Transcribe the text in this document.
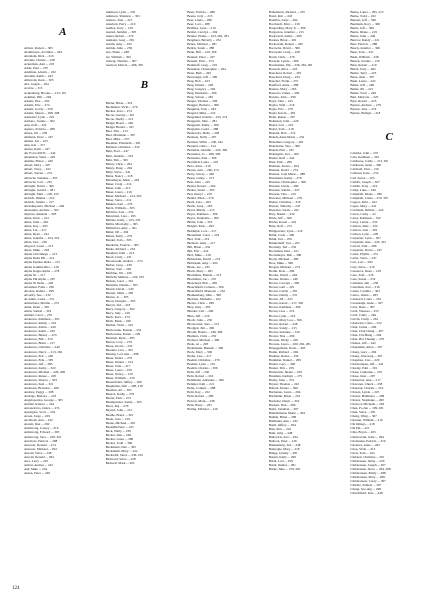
A
Abbott, Robert ... 305
Abdulnoure, Al Omar ... 294
Abraham, Dick ... 219
Abrams, Chrisie ... 228
Ackerman, Ann ... 218
Adair, Paul ... 270
Adelman, Abram ... 222
Abrahm, Keith ... 243
Ahlstrom, Kent ... 305
Abt, Joseph ... 294
Acevie ... 313
Achtenberg, Brooke ... 213, 301
Ackman, Phil ... 294
Adams, Dee ... 262
Adams, Eric ... 274
Adams, Gordy ... 259
Adams, Maren ... 298, 308
Adendorf, Lynn ... 222
Adriano, Joanne ... 302
Adu, Kofi ... 322
Aguero, Patricia ... 288
Ahern, Jill ... 258
Ahmann, Dave ... 247
Ahmet, Ali ... 225
Ahn, Kai ... 317
Aimes, Kelli ... 227
Air Force ROTC ... 244
Akamatsu, Shari ... 229
Akiima, Elinor ... 240
Albert, Mary ... 297
Albert, Tracy ... 222
Albert, Steven ... 231
Albrecht, Suzanne ... 305
Albrecht, Carl ... 235
Albright, David ... 305
Albright, Gerald ... 281
Albright, Matt ... 220, 223
Aldrich, Omena ... 210
Aldrich, Sandra ... 217
Alexakupoulo, Michael ... 294
Alexander, Andrew ... 305
Alglove, Amanda ... 303
Allen, Dave ... 241
Allen, Julie ... 281
Allen, Kay ... 295
Allen, Liz ... 217
Allen, Ryan ... 222
Allen, Jennifer ... 254, 319
Allen, Ted ... 236
Allgood, Laura ... 213
Alper, Mike ... 294
Alpha Chi Omega ... 213
Alpha Delta Phi ... 214
Alpha Epsilon Delta ... 215
Alpha Gamma Rho ... 216
Alpha Kappa Alpha ... 278
Alpha Xi ... 217
Alpha Phi Alpha ... 267
Alpha Xi Delta ... 226
Alsaiman, Fahd ... 236
Alvarez, Rafael ... 299
Alvarify, Sue ... 232
Al-Amin, Laura ... 251
Amberland, Martha ... 231
Amel, Dean ... 305
Amin, Samad ... 319
Ammel, Carol ... 279
Anderson, Kathleen ... 305
Anderson, Randy ... 216
Anderson, Kabin ... 249
Anderson, Keith ... 226
Anderson, Betsey ... 223
Anderson, Bill ... 319
Anderson, Brent ... 217
Anderson, Christine ... 240
Anderson, Darcy ... 213, 262
Anderson, Eric ... 240
Anderson, Erik ... 305
Anderson, Jeff ... 285
Anderson, Kathy ... 322
Anderson, Michael ... 226, 268
Anderson, Renee ... 228
Anderson, Sharon ... 303
Anderson, Suzi ... 321
Andersen, Brandon ... 268
Andrew, Peggy ... 308
Andrigo, Barbara ... 223
Angelopoulos, George ... 305
Animal Science ... 244
Antonelcevs, Janice ... 274
Applegate, Scott ... 234
Arauz, Jorge ... 229
Archbold, Ann ... 232
Arendt, Dan ... 294
Armstrong, Cassey ... 219
Armstrong, Edward ... 305
Armstrong, Sara ... 228, 301
Arnabolo, Patricia ... 288
Arneson, Donald ... 274
Arneson, Michael ... 294
Arnold, Steve ... 228
Arnold, Donald ... 294
Arra, Larry ... 225
Arthur, Andrea ... 222
Ash, Mike ... 234
Ausen, Peter ... 249
Atkinson, Lynn ... 232
Atkinson, Shannon ... 301
Atmore, Toni ... 213
Atterholt, Perry ... 219
Audley, Terry ... 219
Austad, Jennifer ... 305
Auner, Robert ... 279
Aumann, Greg ... 281
Austin, Amy ... 193
Avidah, Julie ... 259
Ave, Brian ... 268
Ax, William ... 302
Axberg, Thomas ... 307
Axelrod, Marcia ... 296, 305

B

Babler, Brian ... 319
Bachmann, Vicki ... 279
Backes, Kari ... 274
Bacon, George ... 301
Bacon, Shelly ... 213
Badger Board ... 246
Badger Herald ... 247
Baer, Tim ... 213
Baer, Marianne ... 307
Baer, Mike ... 237
Baeumer, Elizabeth ... 281
Bahman, Christine ... 319
Bahr, Fred ... 247
Bahr, Jennifer ... 219
Bahr, Tim ... 305
Bailey, Chris ... 294
Bailey, Doug ... 294
Baily, Steve ... 241
Bains, Nancy ... 218
Bainsmeyer, Mark ... 263
Baker, Craig ... 214
Baker, John ... 213
Baker, Laura ... 219
Baker, Michael ... 214, 305
Baker, Steve ... 212
Bakken, Kari ... 279
Balch, William ... 305
Baldwin, Sara ... 254
Balestrieri, Lisa ... 295
Balistie, Kelly ... 223, 233
Ballin, Mia Kelly ... 305
Ballistrieri, Amy ... 301
Baller, Jill ... 294
Balzer, Kelly ... 279
Bandel, Tom ... 305
Banderitz, Francis ... 305
Banks, Richard ... 254
Bangbier, Kim ... 213
Barab, Curly ... 231
Baranowski, Andrew ... 274
Barber, Greg ... 239
Barber, Tom ... 226
Barthine, Jill ... 226
Barfield, Melissa ... 229, 233
Barkan, Carol ... 301
Barmann, Dennis ... 305
Barndt, David ... 240
Barnett, Mark ... 283
Barnes, Jo ... 305
Baron, Douglas ... 305
Barrett, Ted ... 218
Barry, Gregory ... 302
Barry, Judy ... 219
Barth, Kurt ... 274
Barth, Mark ... 226
Barthel, Vicki ... 222
Bartkowiak, Bonnie ... 232
Bartkowske, Karen ... 229
Bartman, Ryan ... 305
Barton, Cory ... 279
Basse, Gloria ... 232
Bassette, Lisa ... 305
Basting, Lori Ann ... 288
Bauer, Debra ... 279
Bauer, Daniel ... 214
Bauer, Julie ... 217
Bauer, Laura ... 259
Bauer, Nancy ... 219
Bauer, William ... 279
Bauernfeind, Jeffrey ... 269
Baughman, Deb ... 208, 218
Bauman, Art ... 305
Bausch, Kathy ... 279
Baxter, Pam ... 274
Baumgartner, Sandy ... 305
Bawa, Raj ... 279
Bayard, John ... 212
Beadle, Bruce ... 301
Beale, Joan ... 219
Beane, Michael ... 281
BeaudDeVaux ... 225
Beck, Wally ... 230
Becker, Dan ... 246
Becker, Laura ... 286
Becker, Todd ... 306
Beckmann, Deb ... 305
Becksmith, Mary ... 222
Beckwith, Steve ... 236, 252
Bedward, Steve ... 228
Bedwell, Mark ... 265
Been, Patricia ... 288
Beene, Jody ... 213
Beer, Linda ... 288
Beer, Lori ... 288
Beilfuss, Lynn ... 219
Beittel, Carolyn ... 294
Bender, Elaine ... 223, 262, 281
Benghera, Beverly ... 232
Benes, Michael ... 281
Bellck, Sarah ... 288
Benn, Bill ... 219, 306
Bennett, Peter ... 247
Bensail, Paul ... 274
Bennhoff, Greg ... 219
Bensman, Christopher ... 294
Benz, Beth ... 263
Berwanger, Jeff ... 306
Berg, Bob ... 223
Berg, Daniel ... 228
Berg, Gregory ... 294
Berg, Hermann ... 306
Berg, Steven ... 281
Berger, Thomas ... 306
Bergger, Barbara ... 306
Bergman, Tom ... 263
Bergold, Mike ... 222
Bergslund, Kristin ... 233, 274
Bergquist, Julie ... 281
Bergquist, Kathy ... 306
Bergstein, Laura ... 288
Berkowitz, Holly ... 228
Berkson, Kelly ... 297
Berman, Wilbe ... 230, 242
Bernard, Chris ... 214
Bernabei, Jennifer ... 220, 306
Bernasles, Jo ... 288, 306
Bernstein, Paul ... 306
Bernfeldt, Laura ... 218
Bero, John ... 210
Berres, Ann ... 260, 274
Berry, Stacey ... 240
Besse, Ginny ... 213
Best, Alex ... 225
Betzer, Robert ... 264
Beuter, Stuart ... 303
Beu, Darryl ... 219
Bethel, Ellen ... 279
Bevil, Lisa ... 263
Bevin, Greg ... 263
Bevel, Mindy ... 213
Beyer, Kathleen ... 306
Beyer, Stephanie ... 306
Bibler, John ... 319
Bidgler, Kirk ... 294
Biddulph, Lora ... 217
Biesenthal, Carol ... 219
Biel, Tom ... 219
Biebuck, Amy ... 217
Bill, Brian ... 232
Bill, Eric ... 232
Bird, Mike ... 218
Birkholder, David ... 274
Birnbaum, Amy ... 264
Bisek, Joe ... 235
Black, Mary ... 281
Blackburn, Brenda ... 213
Blackburn, Joe ... 235
Blanchard, Bob ... 269
Blanchfield, Colleen ... 306
Blanchfield, Maureen ... 232
Blankenberg, Julie ... 306
Bleicher, Michelle ... 222
Blevin, Chris ... 298
Bley, Amy ... 303
Blinder, Carl ... 296
Bliss, Jeff ... 219
Bloch, John ... 250
Blockowitz, Sara ... 213
Blodgett, Jim ... 296
Bloom, Bonita ... 248, 306
Blumers, Chris ... 250
Bochert, Michael ... 306
Bode, Al ... 228
Bodenstein, Hannah ... 306
Bock, Mary ... 306
Bodie, Lisa ... 217
Boehm, Christine ... 279
Boehler, Lynn ... 219
Boehm, Charles ... 306
Bohl, Jeff ... 230
Bohl, Robert ... 216
Bohlmann, Adrienne ... 306
Bohmer, Kim ... 221
Bohn, Colleen ... 288
Bohl, Kay ... 222
Bohl, Robert ... 289
Bolcon, Mark ... 238
Bohr, Barry ... 281
Boling, Michael ... 216
Bollenbeck, Richard ... 235
Bond, Rob ... 243
Bonillas, Jorge ... 294
Borchardt, Marc ... 219
Borgerding, Mary Jo ... 306
Borgerson, Jennifer ... 215
Borgwardt, Kathy ... 260
Borkan, Brian ... 281
Borkowski, Robert ... 265
Borowitz, David ... 306
Borowski, Craig ... 228
Borsh, Chris ... 279
Borucki, Lynda ... 306
Boschenski, Jim ... 236, 262, 281
Boswell, Alice ... 223
Bouchard, Robert ... 281
Bouchard, Doug ... 234
Boucher, Frank ... 237
Bouffard, Anne ... 288
Bourne, Mary ... 265
Bouwers, James ... 209
Bowles, John ... 299
Boyd, John ... 225
Boyko, Walt ... 216
Boyle, Eric ... 279
Boyle, Kevin ... 281
Bram, Renee ... 297
Bramsted, John ... 226
Brand, Lori ... 219
Brand, Tom ... 219
Brandel, Bob ... 274
Brandt, Anne Marie ... 232
Brandtner, Gregory ... 281
Brandwein, Sara ... 306
Brandt, Phil ... 232
Brautigam, Joel ... 306
Breder, Rolf ... 244
Breit, Erik ... 299
Brennan, Kevin ... 264
Brennel, David ... 274
Brenner, Jody Marie ... 288
Bresnahan, Kathy ... 279
Bresnan, Christopher ... 306
Bresnan, Cindy ... 289
Bresnan, Sandra ... 225
Bressan, Tina ... 219
Brewster, Michael ... 279
Breuer, Christine ... 319
Brewer, Timothy ... 247
Brewster, Sarah ... 222
Brey, Daniel ... 232
Brick, Jeff ... 306
Bricks, Karen ... 222
Brier, Rolf ... 231
Bridgewater, Lynn ... 219
Brink, Carla ... 306
Brink, Ted ... 250
Brinkerhoff, Ted ... 221
Brockley, Ted ... 232
Brockman, Dan ... 221
Brockmeyer, Deb ... 306
Brody, Michael ... 306
Broe, Mike ... 306
Brogan, Michael ... 274
Brolin, Ross ... 296
Brooks, David ... 264
Brooks, Donna ... 240
Brown, Carolyn ... 306
Brown, Gail ... 225
Brown, Calvin ... 281
Brown, Danny ... 231
Brown, Jill ... 225
Brown, Karen ... 217, 302
Brown, Kathleen ... 306
Brown, Lisa ... 274
Brown, Lynn ... 219
Brown, Mary Lou ... 306
Brown, Robert ... 228
Brown, Sandy ... 215
Brown, Suzanne ... 319
Brown, Tina ... 299
Browne, Dicky ... 205
Browne, Laura ... 260, 262, 281
Brueggemann, Doris ... 303
Bruhn, Richard ... 294
Brukner, Renae ... 259
Brummer, Daniel ... 299
Brunet, Gary ... 306
Bruner, Tim ... 259
Brunswick, Shane ... 259
Brusman, Kathryn ... 275
Brutty, John ... 274
Bryant, Thomas ... 222
Bubolz, Donna ... 306
Buchanan, Laura ... 294
Buchhahn, Brian ... 219
Bucholtz, Dawn ... 319
Buckert, Dan ... 306
Budd, Jonathan ... 307
Budellemann, Marie ... 294
Budish, Brian ... 299
Budlinski, Ann ... 232
Buell, Jeffrey ... 294
Buis, Ron ... 216
Buik, Amy ... 248
Bukovich, Joel ... 294
Bullock, Peter ... 216
Bunnenberg, Ted ... 248
Bunnogle, Mary ... 218
Bunge, Jeremy ... 281
Burant, Kelly ... 299
Burdt, Lori ... 259
Burdt, Daniel ... 281
Burke, Julie ... 279, 281
Burke, Laura ... 295, 213
Burke, Todd ... 222
Burnett, Jeff ... 306
Burnham, Rory ... 306
Burns, Jeff ... 306
Burns, Diane ... 219
Burns, Julie ... 249
Burrow, Randy ... 221
Burr, Patricia ... 288
Busch, Jennifer ... 306
Buse, Tom ... 221
Bush, William ... 238
Busick, Jerome ... 210
Buss, Robert ... 219
Butch, Tony ... 262
Butler, Terry ... 223
Buxa, Alan ... 307
Bush, Laura ... 222
Butler, Jeff ... 248
Butler, Jill ... 221
Butler, Scott ... 249
Butt, Marjorie ... 225
Byer, Robert ... 225
Byrnes, Andrew ... 279
Byrnes, Jane ... 274
Byrnes, Bridget ... 218
C
Cabalka, John ... 237
Cala, Kathleen ... 322
Calabrese, Cathy ... 213, 301
Calabrese, Anne ... 306
Caldwell, Paul ... 216
Calhoun, Kate ... 252
Call, Susan ... 225
CamPa, Joseph ... 307
CamPa, Tony ... 219
Camp, Luke ... 249
Campbell, Diane ... 296
Campbell, Linda ... 279, 307
Cappos, Kiki ... 222
Capes, Mary ... 241
Cardinale, Debbie ... 222
Carew, Cathy ... 22
Carey, Kathleen ... 322
Carey, Laurie ... 232
Carlson, Julie ... 234
Carlson, Jean ... 303
Carlson, Lynn ... 228
Carpenter, Lynn ... 307
Carpenter, Ann ... 229, 301
Carroll, Tom ... 289
Carpenter, Dawn ... 225
Carter, Phyllis ... 251
Carter, Steve ... 247
Carr, Lori ... 294
Cary, Steve ... 216
Casanova, Dean ... 218
Case, Tom ... 218
Case, Susan ... 252
Cashman, Jim ... 258
Castellani, Joel ... 216
Castle, Cynthia ... 303
Castro, James ... 285
Catanach, Laura ... 232
Cavanaugh, Anne ... 307
Cave, Dana ... 307
Cecil, Vanessa ... 255
Cecil, Cathy ... 249
Cervin, Cindy ... 261
Chadwick, Chris ... 252
Chan, Jackie ... 299
Chan, Chui Ching ... 307
Chan, Chi-Hung ... 294
Chan, Hoi Cheung ... 279
Chanes, Jeff ... 242
Chanenkin, Allen ... 307
Chang, Gary ... 294
Chang, Jinwoong ... 307
Chapman, Lisa ... 229
Charbonneau, Jeff ... 241
Charley, Patti ... 301
Chase, Catherine ... 279
Chase, Juan ... 297
Chatterton, Ann ... 217
Chavonet, Chuck ... 258
Chaudoir, Charles ... 219
Chavez, Lynda ... 225
Chaves, Humberto ... 299
Chaves, Stephanie ... 260
Chavrod, Michelle ... 263
Chen, Po-Jen ... 199, 281
Chen, Steve ... 281
Cheng, Wing ... 307
Chesnut, William ... 219
Chi Omega ... 218
Chi Phi ... 221
Chiu, Bryan ... 263
Chlebowski, Gabe ... 294
Chobanian, Patricia ... 319
Cholewa, Anne ... 263
Chop, Vicki ... 213
Chow, Tom ... 225
Christen, Christine ... 301
Christensen, Jenny ... 220
Christensen, Joseph ... 307
Christensen, Steve ... 264, 288
Christiansen, Emily ... 288
Christiansen, Mary ... 288
Christianson, Corey ... 307
Christie, Pamela ... 307
Chung, Seo-ung ... 298
Churchfield, Kris ... 248
124
